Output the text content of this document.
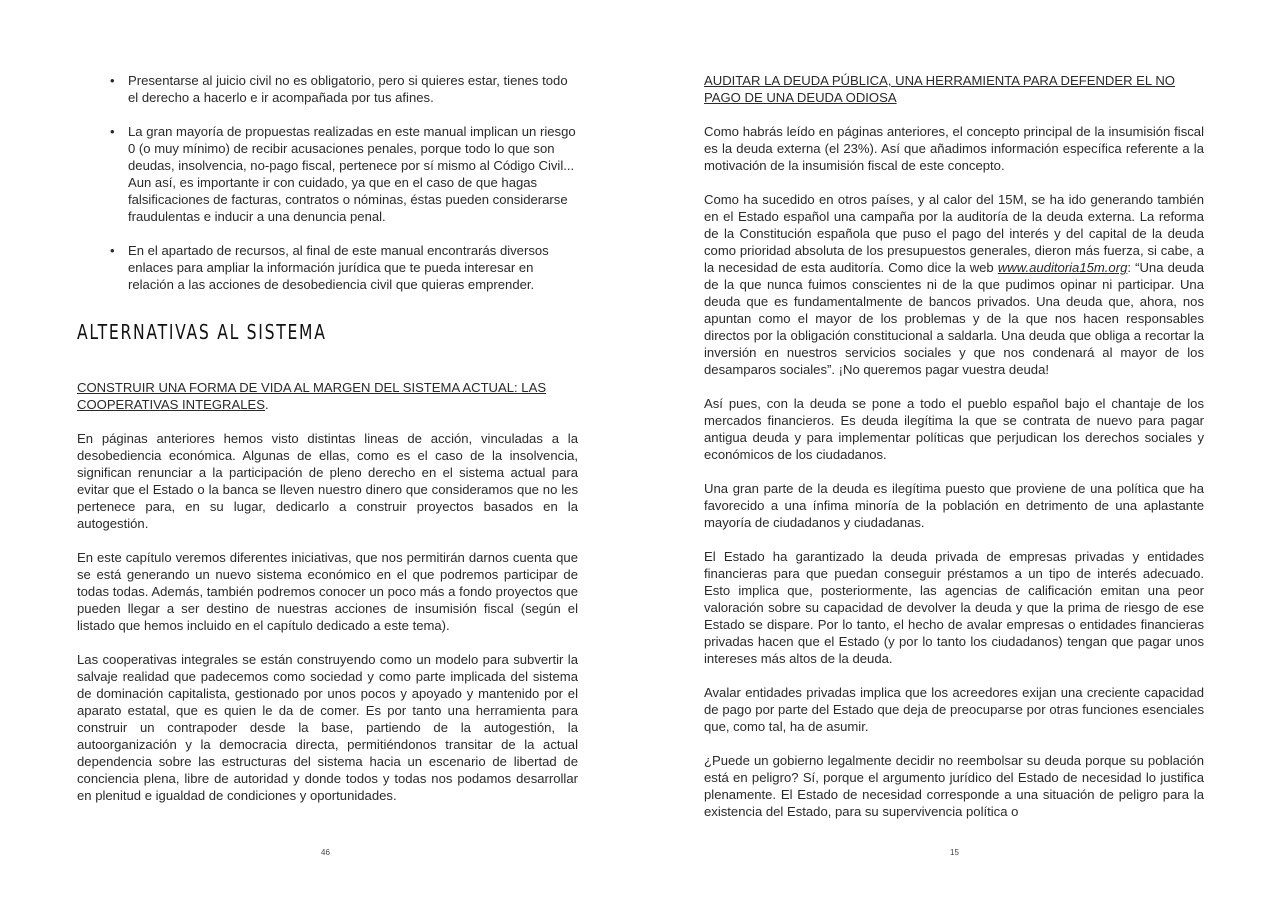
• Presentarse al juicio civil no es obligatorio, pero si quieres estar, tienes todo el derecho a hacerlo e ir acompañada por tus afines.
• La gran mayoría de propuestas realizadas en este manual implican un riesgo 0 (o muy mínimo) de recibir acusaciones penales, porque todo lo que son deudas, insolvencia, no-pago fiscal, pertenece por sí mismo al Código Civil... Aun así, es importante ir con cuidado, ya que en el caso de que hagas falsificaciones de facturas, contratos o nóminas, éstas pueden considerarse fraudulentas e inducir a una denuncia penal.
• En el apartado de recursos, al final de este manual encontrarás diversos enlaces para ampliar la información jurídica que te pueda interesar en relación a las acciones de desobediencia civil que quieras emprender.
ALTERNATIVAS AL SISTEMA
CONSTRUIR UNA FORMA DE VIDA AL MARGEN DEL SISTEMA ACTUAL: LAS COOPERATIVAS INTEGRALES.

En páginas anteriores hemos visto distintas lineas de acción, vinculadas a la desobediencia económica. Algunas de ellas, como es el caso de la insolvencia, significan renunciar a la participación de pleno derecho en el sistema actual para evitar que el Estado o la banca se lleven nuestro dinero que consideramos que no les pertenece para, en su lugar, dedicarlo a construir proyectos basados en la autogestión.

En este capítulo veremos diferentes iniciativas, que nos permitirán darnos cuenta que se está generando un nuevo sistema económico en el que podremos participar de todas todas. Además, también podremos conocer un poco más a fondo proyectos que pueden llegar a ser destino de nuestras acciones de insumisión fiscal (según el listado que hemos incluido en el capítulo dedicado a este tema).

Las cooperativas integrales se están construyendo como un modelo para subvertir la salvaje realidad que padecemos como sociedad y como parte implicada del sistema de dominación capitalista, gestionado por unos pocos y apoyado y mantenido por el aparato estatal, que es quien le da de comer. Es por tanto una herramienta para construir un contrapoder desde la base, partiendo de la autogestión, la autoorganización y la democracia directa, permitiéndonos transitar de la actual dependencia sobre las estructuras del sistema hacia un escenario de libertad de conciencia plena, libre de autoridad y donde todos y todas nos podamos desarrollar en plenitud e igualdad de condiciones y oportunidades.

46
AUDITAR LA DEUDA PÚBLICA, UNA HERRAMIENTA PARA DEFENDER EL NO PAGO DE UNA DEUDA ODIOSA

Como habrás leído en páginas anteriores, el concepto principal de la insumisión fiscal es la deuda externa (el 23%). Así que añadimos información específica referente a la motivación de la insumisión fiscal de este concepto.

Como ha sucedido en otros países, y al calor del 15M, se ha ido generando también en el Estado español una campaña por la auditoría de la deuda externa. La reforma de la Constitución española que puso el pago del interés y del capital de la deuda como prioridad absoluta de los presupuestos generales, dieron más fuerza, si cabe, a la necesidad de esta auditoría. Como dice la web www.auditoria15m.org: “Una deuda de la que nunca fuimos conscientes ni de la que pudimos opinar ni participar. Una deuda que es fundamentalmente de bancos privados. Una deuda que, ahora, nos apuntan como el mayor de los problemas y de la que nos hacen responsables directos por la obligación constitucional a saldarla. Una deuda que obliga a recortar la inversión en nuestros servicios sociales y que nos condenará al mayor de los desamparos sociales”. ¡No queremos pagar vuestra deuda!

Así pues, con la deuda se pone a todo el pueblo español bajo el chantaje de los mercados financieros. Es deuda ilegítima la que se contrata de nuevo para pagar antigua deuda y para implementar políticas que perjudican los derechos sociales y económicos de los ciudadanos.

Una gran parte de la deuda es ilegítima puesto que proviene de una política que ha favorecido a una ínfima minoría de la población en detrimento de una aplastante mayoría de ciudadanos y ciudadanas.

El Estado ha garantizado la deuda privada de empresas privadas y entidades financieras para que puedan conseguir préstamos a un tipo de interés adecuado. Esto implica que, posteriormente, las agencias de calificación emitan una peor valoración sobre su capacidad de devolver la deuda y que la prima de riesgo de ese Estado se dispare. Por lo tanto, el hecho de avalar empresas o entidades financieras privadas hacen que el Estado (y por lo tanto los ciudadanos) tengan que pagar unos intereses más altos de la deuda.

Avalar entidades privadas implica que los acreedores exijan una creciente capacidad de pago por parte del Estado que deja de preocuparse por otras funciones esenciales que, como tal, ha de asumir.

¿Puede un gobierno legalmente decidir no reembolsar su deuda porque su población está en peligro? Sí, porque el argumento jurídico del Estado de necesidad lo justifica plenamente. El Estado de necesidad corresponde a una situación de peligro para la existencia del Estado, para su supervivencia política o

15
